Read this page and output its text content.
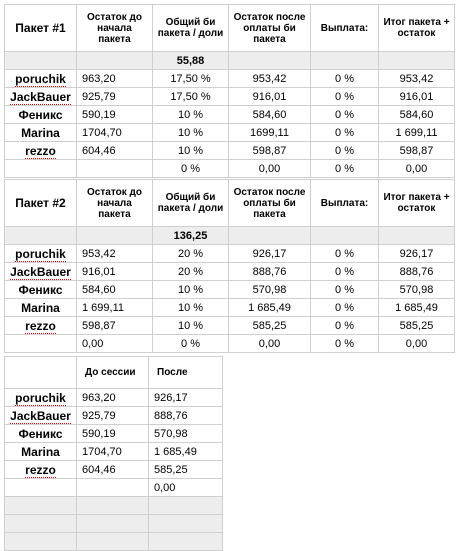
Пакет #1	Остаток до начала пакета	Общий би пакета / доли	Остаток после оплаты би пакета	Выплата:	Итог пакета + остаток
		55,88			
poruchik	963,20	17,50 %	953,42	0 %	953,42
JackBauer	925,79	17,50 %	916,01	0 %	916,01
Феникс	590,19	10 %	584,60	0 %	584,60
Marina	1704,70	10 %	1699,11	0 %	1 699,11
rezzo	604,46	10 %	598,87	0 %	598,87
		0 %	0,00	0 %	0,00
Пакет #2	Остаток до начала пакета	Общий би пакета / доли	Остаток после оплаты би пакета	Выплата:	Итог пакета + остаток
		136,25			
poruchik	953,42	20 %	926,17	0 %	926,17
JackBauer	916,01	20 %	888,76	0 %	888,76
Феникс	584,60	10 %	570,98	0 %	570,98
Marina	1 699,11	10 %	1 685,49	0 %	1 685,49
rezzo	598,87	10 %	585,25	0 %	585,25
	0,00	0 %	0,00	0 %	0,00
	До сессии	После
poruchik	963,20	926,17
JackBauer	925,79	888,76
Феникс	590,19	570,98
Marina	1704,70	1 685,49
rezzo	604,46	585,25
		0,00
